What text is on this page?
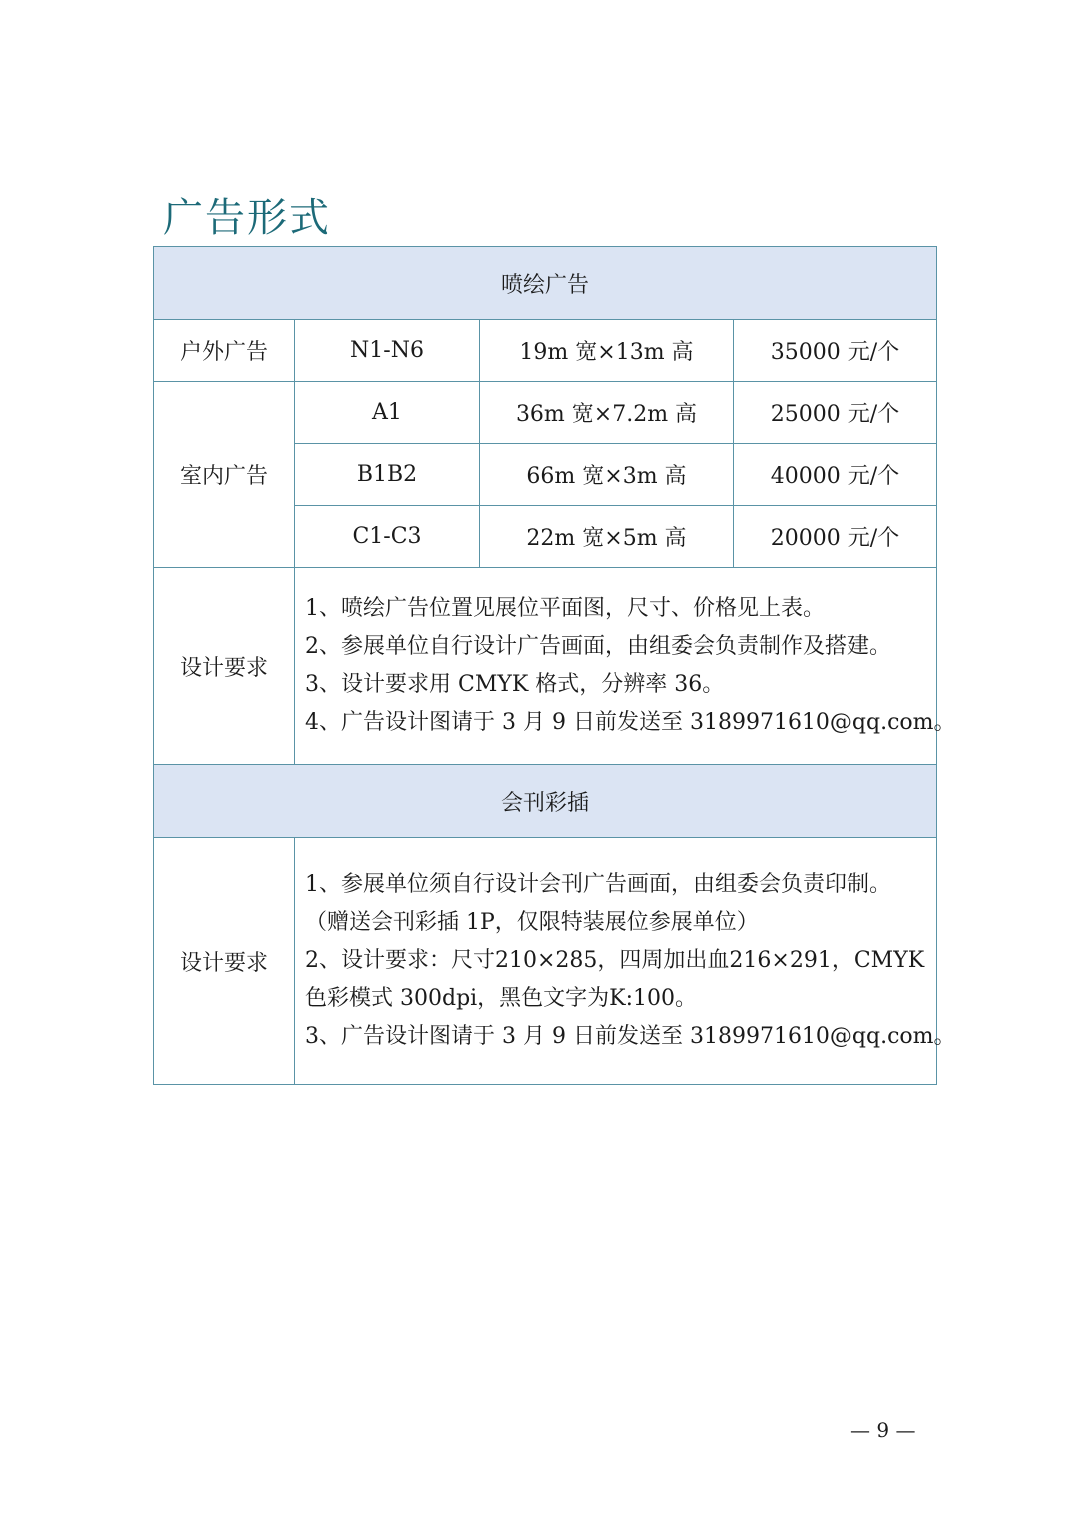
广告形式
喷绘广告			
户外广告	N1-N6	19m 宽×13m 高	35000 元/个
室内广告	A1	36m 宽×7.2m 高	25000 元/个
	B1B2	66m 宽×3m 高	40000 元/个
	C1-C3	22m 宽×5m 高	20000 元/个
设计要求	1、喷绘广告位置见展位平面图，尺寸、价格见上表。
2、参展单位自行设计广告画面，由组委会负责制作及搭建。
3、设计要求用 CMYK 格式，分辨率 36。
4、广告设计图请于 3 月 9 日前发送至 3189971610@qq.com。		

会刊彩插			
设计要求	1、参展单位须自行设计会刊广告画面，由组委会负责印制。
（赠送会刊彩插 1P，仅限特装展位参展单位）
2、设计要求：尺寸210×285，四周加出血216×291，CMYK
色彩模式 300dpi，黑色文字为K:100。
3、广告设计图请于 3 月 9 日前发送至 3189971610@qq.com。		
— 9 —
